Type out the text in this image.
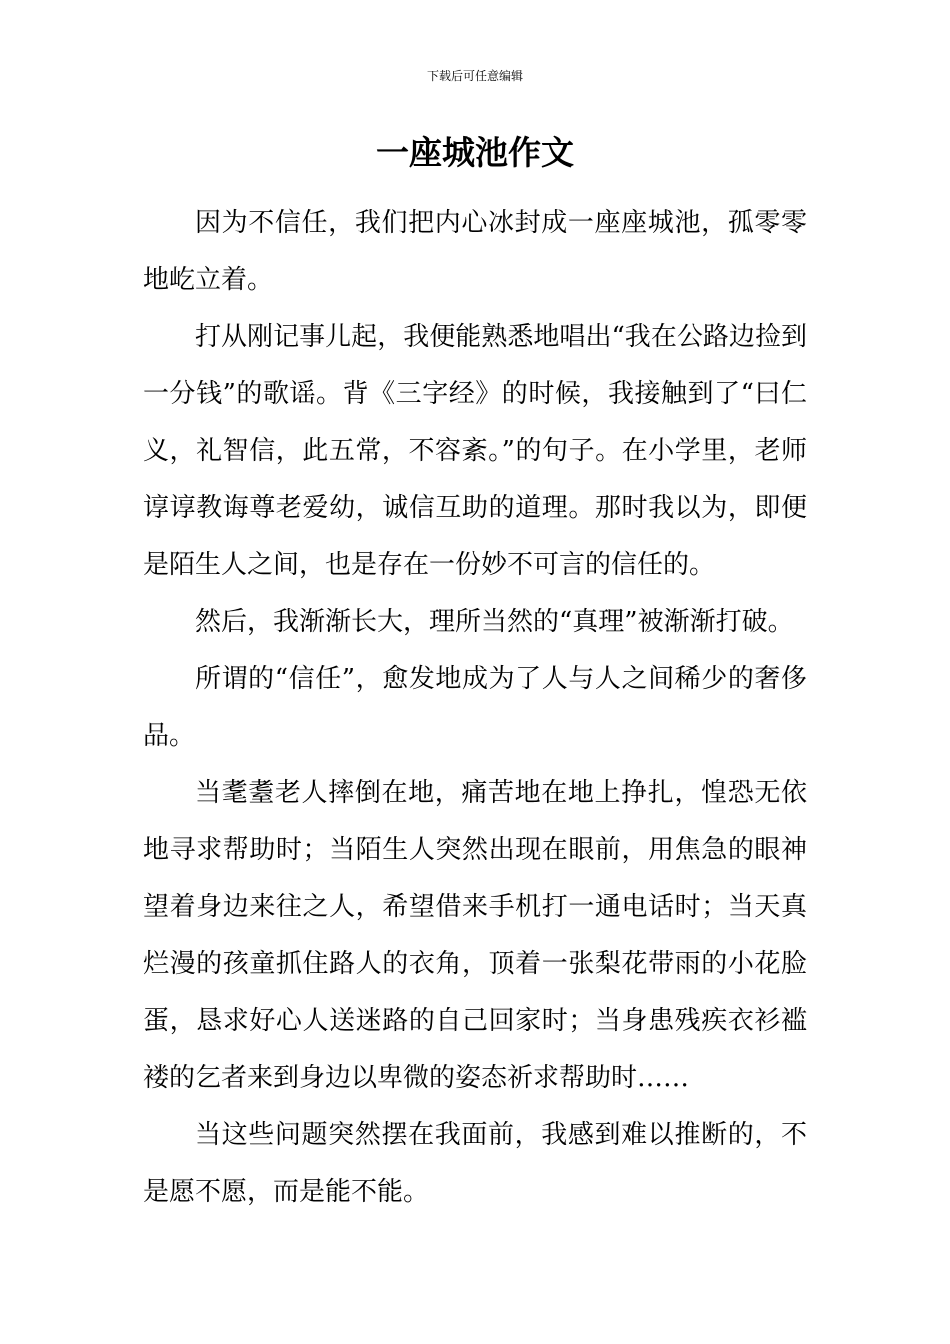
下载后可任意编辑
一座城池作文

因为不信任，我们把内心冰封成一座座城池，孤零零地屹立着。

打从刚记事儿起，我便能熟悉地唱出“我在公路边捡到一分钱”的歌谣。背《三字经》的时候，我接触到了“曰仁义，礼智信，此五常，不容紊。”的句子。在小学里，老师谆谆教诲尊老爱幼，诚信互助的道理。那时我以为，即便是陌生人之间，也是存在一份妙不可言的信任的。

然后，我渐渐长大，理所当然的“真理”被渐渐打破。

所谓的“信任”，愈发地成为了人与人之间稀少的奢侈品。

当耄耋老人摔倒在地，痛苦地在地上挣扎，惶恐无依地寻求帮助时；当陌生人突然出现在眼前，用焦急的眼神望着身边来往之人，希望借来手机打一通电话时；当天真烂漫的孩童抓住路人的衣角，顶着一张梨花带雨的小花脸蛋，恳求好心人送迷路的自己回家时；当身患残疾衣衫褴褛的乞者来到身边以卑微的姿态祈求帮助时……

当这些问题突然摆在我面前，我感到难以推断的，不是愿不愿，而是能不能。
